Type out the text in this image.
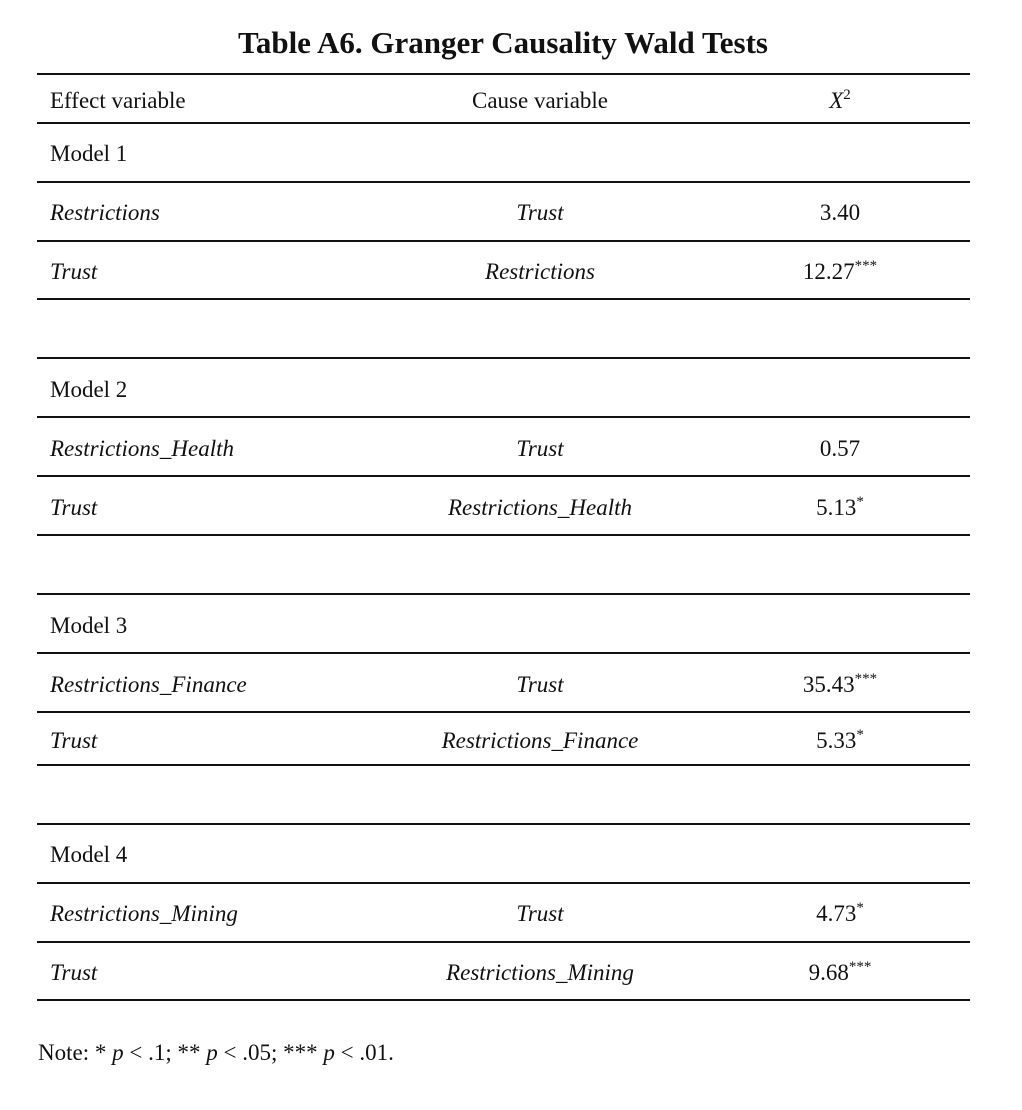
Table A6. Granger Causality Wald Tests
Effect variable	Cause variable	$X^2$
Model 1
Restrictions	Trust	3.40
Trust	Restrictions	12.27***
Model 2
Restrictions_Health	Trust	0.57
Trust	Restrictions_Health	5.13*
Model 3
Restrictions_Finance	Trust	35.43***
Trust	Restrictions_Finance	5.33*
Model 4
Restrictions_Mining	Trust	4.73*
Trust	Restrictions_Mining	9.68***
Note: * p < .1; ** p < .05; *** p < .01.
